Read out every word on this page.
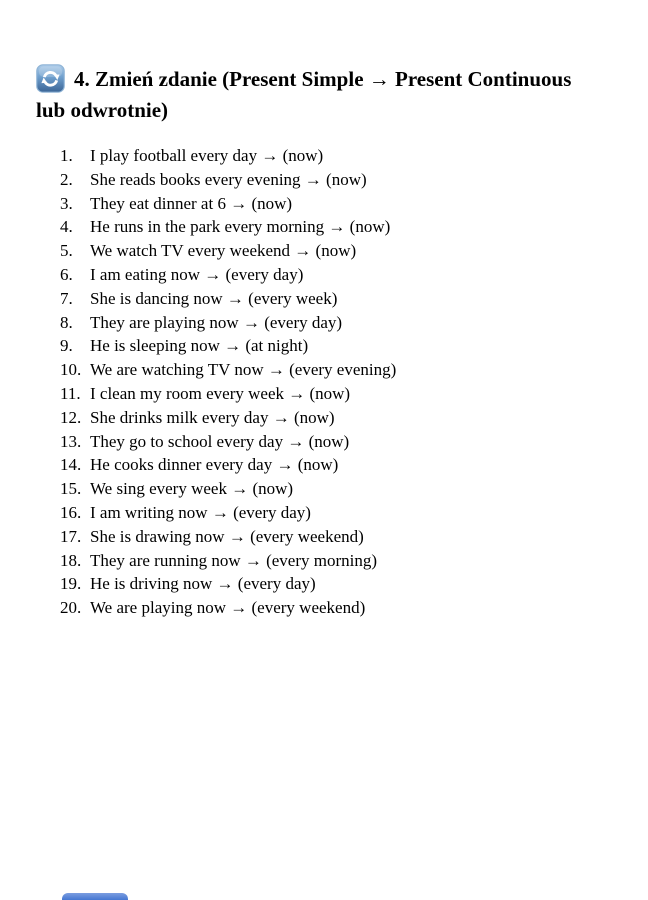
4. Zmień zdanie (Present Simple → Present Continuous
lub odwrotnie)
1. I play football every day → (now)
2. She reads books every evening → (now)
3. They eat dinner at 6 → (now)
4. He runs in the park every morning → (now)
5. We watch TV every weekend → (now)
6. I am eating now → (every day)
7. She is dancing now → (every week)
8. They are playing now → (every day)
9. He is sleeping now → (at night)
10. We are watching TV now → (every evening)
11. I clean my room every week → (now)
12. She drinks milk every day → (now)
13. They go to school every day → (now)
14. He cooks dinner every day → (now)
15. We sing every week → (now)
16. I am writing now → (every day)
17. She is drawing now → (every weekend)
18. They are running now → (every morning)
19. He is driving now → (every day)
20. We are playing now → (every weekend)
